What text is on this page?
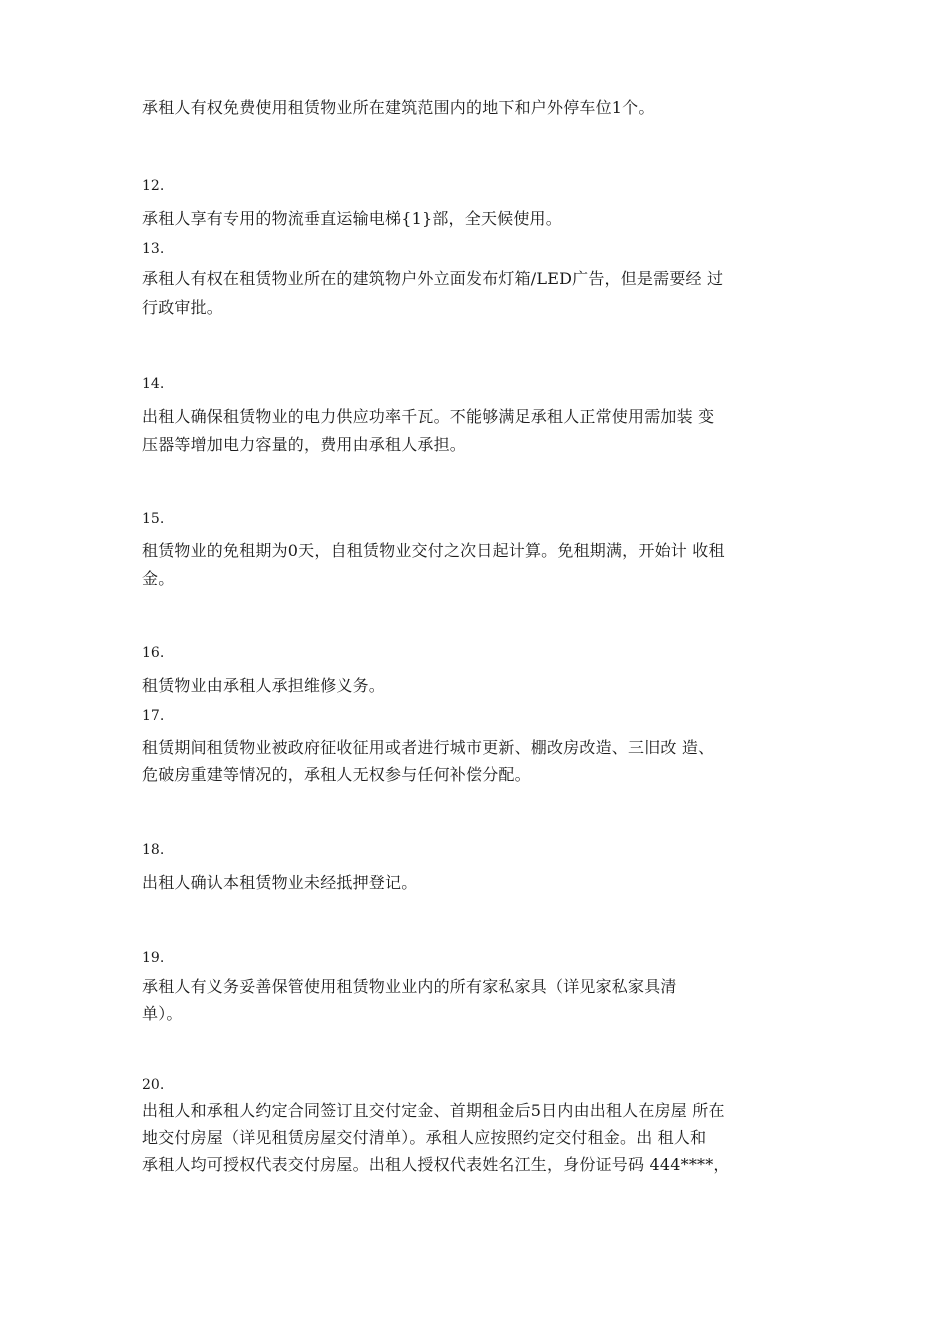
承租人有权免费使用租赁物业所在建筑范围内的地下和户外停车位1个。
12.
承租人享有专用的物流垂直运输电梯{1}部，全天候使用。
13.
承租人有权在租赁物业所在的建筑物户外立面发布灯箱/LED广告，但是需要经 过
行政审批。
14.
出租人确保租赁物业的电力供应功率千瓦。不能够满足承租人正常使用需加装 变
压器等增加电力容量的，费用由承租人承担。
15.
租赁物业的免租期为0天，自租赁物业交付之次日起计算。免租期满，开始计 收租
金。
16.
租赁物业由承租人承担维修义务。
17.
租赁期间租赁物业被政府征收征用或者进行城市更新、棚改房改造、三旧改 造、
危破房重建等情况的，承租人无权参与任何补偿分配。
18.
出租人确认本租赁物业未经抵押登记。
19.
承租人有义务妥善保管使用租赁物业业内的所有家私家具（详见家私家具清
单）。
20.
出租人和承租人约定合同签订且交付定金、首期租金后5日内由出租人在房屋 所在
地交付房屋（详见租赁房屋交付清单）。承租人应按照约定交付租金。出 租人和
承租人均可授权代表交付房屋。出租人授权代表姓名江生，身份证号码 444****，
